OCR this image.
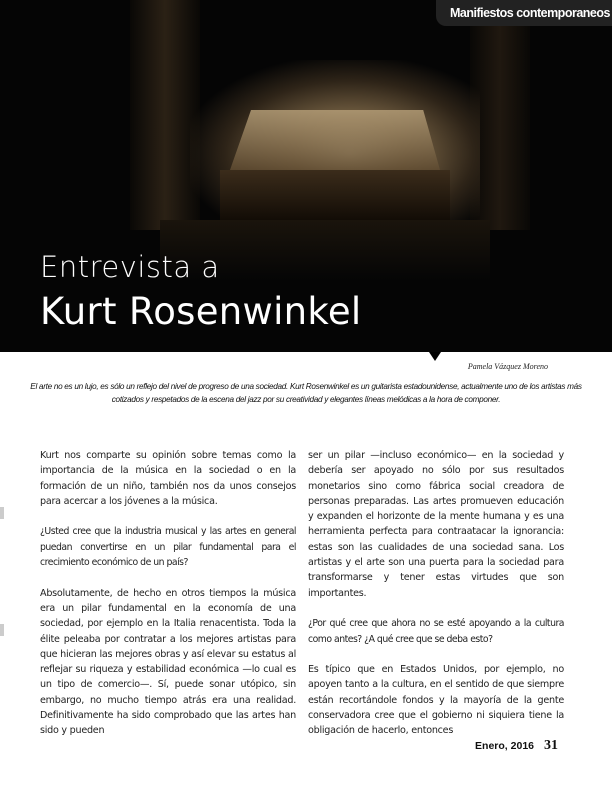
Manifiestos contemporaneos
Entrevista a
Kurt Rosenwinkel
Pamela Vázquez Moreno
El arte no es un lujo, es sólo un reflejo del nivel de progreso de una sociedad. Kurt Rosenwinkel es un guitarista estadounidense, actualmente uno de los artistas más cotizados y respetados de la escena del jazz por su creatividad y elegantes líneas melódicas a la hora de componer.

Kurt nos comparte su opinión sobre temas como la importancia de la música en la sociedad o en la formación de un niño, también nos da unos consejos para acercar a los jóvenes a la música.

¿Usted cree que la industria musical y las artes en general puedan convertirse en un pilar fundamental para el crecimiento económico de un país?

Absolutamente, de hecho en otros tiempos la música era un pilar fundamental en la economía de una sociedad, por ejemplo en la Italia renacentista. Toda la élite peleaba por contratar a los mejores artistas para que hicieran las mejores obras y así elevar su estatus al reflejar su riqueza y estabilidad económica —lo cual es un tipo de comercio—. Sí, puede sonar utópico, sin embargo, no mucho tiempo atrás era una realidad. Definitivamente ha sido comprobado que las artes han sido y pueden

ser un pilar —incluso económico— en la sociedad y debería ser apoyado no sólo por sus resultados monetarios sino como fábrica social creadora de personas preparadas. Las artes promueven educación y expanden el horizonte de la mente humana y es una herramienta perfecta para contraatacar la ignorancia: estas son las cualidades de una sociedad sana. Los artistas y el arte son una puerta para la sociedad para transformarse y tener estas virtudes que son importantes.

¿Por qué cree que ahora no se esté apoyando a la cultura como antes? ¿A qué cree que se deba esto?

Es típico que en Estados Unidos, por ejemplo, no apoyen tanto a la cultura, en el sentido de que siempre están recortándole fondos y la mayoría de la gente conservadora cree que el gobierno ni siquiera tiene la obligación de hacerlo, entonces

Enero, 2016 31
